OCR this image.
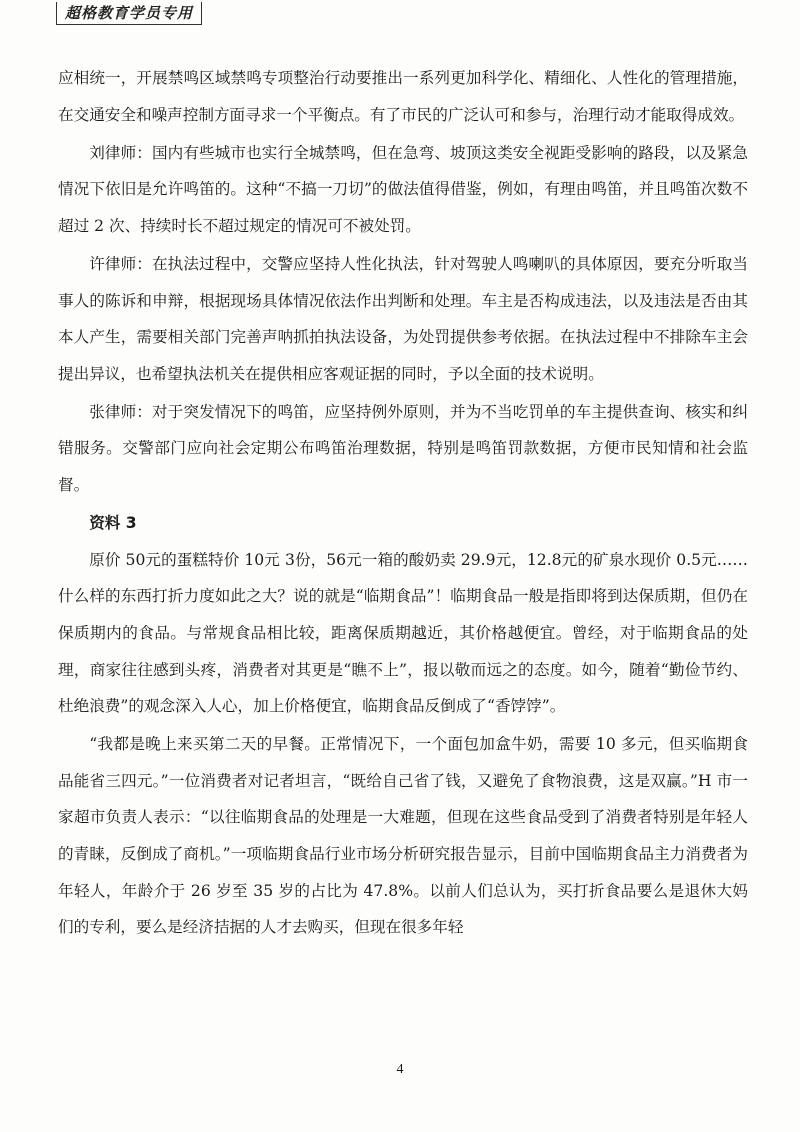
超格教育学员专用

应相统一，开展禁鸣区域禁鸣专项整治行动要推出一系列更加科学化、精细化、人性化的管理措施，在交通安全和噪声控制方面寻求一个平衡点。有了市民的广泛认可和参与，治理行动才能取得成效。

刘律师：国内有些城市也实行全城禁鸣，但在急弯、坡顶这类安全视距受影响的路段，以及紧急情况下依旧是允许鸣笛的。这种“不搞一刀切”的做法值得借鉴，例如，有理由鸣笛，并且鸣笛次数不超过 2 次、持续时长不超过规定的情况可不被处罚。

许律师：在执法过程中，交警应坚持人性化执法，针对驾驶人鸣喇叭的具体原因，要充分听取当事人的陈诉和申辩，根据现场具体情况依法作出判断和处理。车主是否构成违法，以及违法是否由其本人产生，需要相关部门完善声呐抓拍执法设备，为处罚提供参考依据。在执法过程中不排除车主会提出异议，也希望执法机关在提供相应客观证据的同时，予以全面的技术说明。

张律师：对于突发情况下的鸣笛，应坚持例外原则，并为不当吃罚单的车主提供查询、核实和纠错服务。交警部门应向社会定期公布鸣笛治理数据，特别是鸣笛罚款数据，方便市民知情和社会监督。

资料 3

原价 50元的蛋糕特价 10元 3份，56元一箱的酸奶卖 29.9元，12.8元的矿泉水现价 0.5元……什么样的东西打折力度如此之大？说的就是“临期食品”！临期食品一般是指即将到达保质期，但仍在保质期内的食品。与常规食品相比较，距离保质期越近，其价格越便宜。曾经，对于临期食品的处理，商家往往感到头疼，消费者对其更是“瞧不上”，报以敬而远之的态度。如今，随着“勤俭节约、杜绝浪费”的观念深入人心，加上价格便宜，临期食品反倒成了“香饽饽”。

“我都是晚上来买第二天的早餐。正常情况下，一个面包加盒牛奶，需要 10 多元，但买临期食品能省三四元。”一位消费者对记者坦言，“既给自己省了钱，又避免了食物浪费，这是双赢。”H 市一家超市负责人表示：“以往临期食品的处理是一大难题，但现在这些食品受到了消费者特别是年轻人的青睐，反倒成了商机。”一项临期食品行业市场分析研究报告显示，目前中国临期食品主力消费者为年轻人，年龄介于 26 岁至 35 岁的占比为 47.8%。以前人们总认为，买打折食品要么是退休大妈们的专利，要么是经济拮据的人才去购买，但现在很多年轻

4
